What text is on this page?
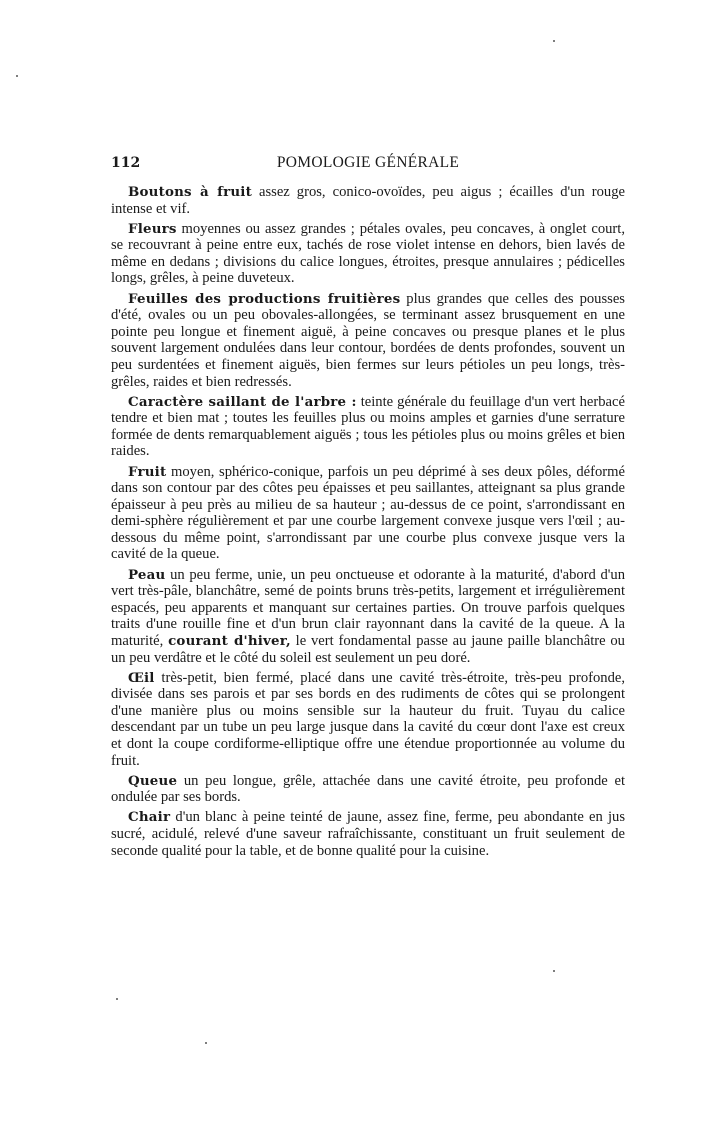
112	POMOLOGIE GÉNÉRALE

Boutons à fruit assez gros, conico-ovoïdes, peu aigus ; écailles d'un rouge intense et vif.

Fleurs moyennes ou assez grandes ; pétales ovales, peu concaves, à onglet court, se recouvrant à peine entre eux, tachés de rose violet intense en dehors, bien lavés de même en dedans ; divisions du calice longues, étroites, presque annulaires ; pédicelles longs, grêles, à peine duveteux.

Feuilles des productions fruitières plus grandes que celles des pousses d'été, ovales ou un peu obovales-allongées, se terminant assez brusquement en une pointe peu longue et finement aiguë, à peine concaves ou presque planes et le plus souvent largement ondulées dans leur contour, bordées de dents profondes, souvent un peu surdentées et finement aiguës, bien fermes sur leurs pétioles un peu longs, très-grêles, raides et bien redressés.

Caractère saillant de l'arbre : teinte générale du feuillage d'un vert herbacé tendre et bien mat ; toutes les feuilles plus ou moins amples et garnies d'une serrature formée de dents remarquablement aiguës ; tous les pétioles plus ou moins grêles et bien raides.

Fruit moyen, sphérico-conique, parfois un peu déprimé à ses deux pôles, déformé dans son contour par des côtes peu épaisses et peu saillantes, atteignant sa plus grande épaisseur à peu près au milieu de sa hauteur ; au-dessus de ce point, s'arrondissant en demi-sphère régulièrement et par une courbe largement convexe jusque vers l'œil ; au-dessous du même point, s'arrondissant par une courbe plus convexe jusque vers la cavité de la queue.

Peau un peu ferme, unie, un peu onctueuse et odorante à la maturité, d'abord d'un vert très-pâle, blanchâtre, semé de points bruns très-petits, largement et irrégulièrement espacés, peu apparents et manquant sur certaines parties. On trouve parfois quelques traits d'une rouille fine et d'un brun clair rayonnant dans la cavité de la queue. A la maturité, courant d'hiver, le vert fondamental passe au jaune paille blanchâtre ou un peu verdâtre et le côté du soleil est seulement un peu doré.

Œil très-petit, bien fermé, placé dans une cavité très-étroite, très-peu profonde, divisée dans ses parois et par ses bords en des rudiments de côtes qui se prolongent d'une manière plus ou moins sensible sur la hauteur du fruit. Tuyau du calice descendant par un tube un peu large jusque dans la cavité du cœur dont l'axe est creux et dont la coupe cordiforme-elliptique offre une étendue proportionnée au volume du fruit.

Queue un peu longue, grêle, attachée dans une cavité étroite, peu profonde et ondulée par ses bords.

Chair d'un blanc à peine teinté de jaune, assez fine, ferme, peu abondante en jus sucré, acidulé, relevé d'une saveur rafraîchissante, constituant un fruit seulement de seconde qualité pour la table, et de bonne qualité pour la cuisine.
